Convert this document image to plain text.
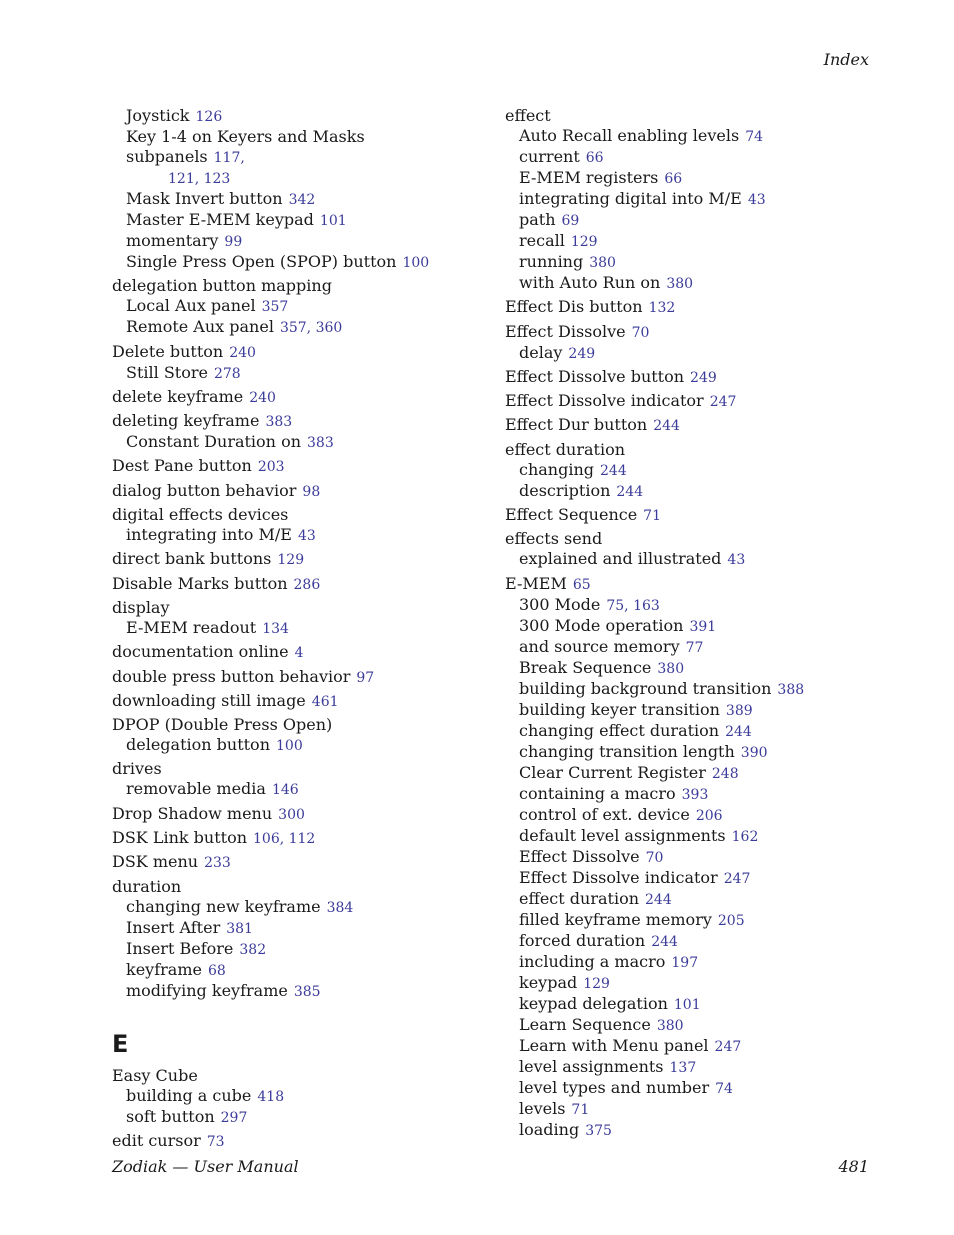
Index
Joystick 126
Key 1-4 on Keyers and Masks subpanels 117,
121, 123
Mask Invert button 342
Master E-MEM keypad 101
momentary 99
Single Press Open (SPOP) button 100
delegation button mapping
Local Aux panel 357
Remote Aux panel 357, 360
Delete button 240
Still Store 278
delete keyframe 240
deleting keyframe 383
Constant Duration on 383
Dest Pane button 203
dialog button behavior 98
digital effects devices
integrating into M/E 43
direct bank buttons 129
Disable Marks button 286
display
E-MEM readout 134
documentation online 4
double press button behavior 97
downloading still image 461
DPOP (Double Press Open)
delegation button 100
drives
removable media 146
Drop Shadow menu 300
DSK Link button 106, 112
DSK menu 233
duration
changing new keyframe 384
Insert After 381
Insert Before 382
keyframe 68
modifying keyframe 385
E
Easy Cube
building a cube 418
soft button 297
edit cursor 73
effect
Auto Recall enabling levels 74
current 66
E-MEM registers 66
integrating digital into M/E 43
path 69
recall 129
running 380
with Auto Run on 380
Effect Dis button 132
Effect Dissolve 70
delay 249
Effect Dissolve button 249
Effect Dissolve indicator 247
Effect Dur button 244
effect duration
changing 244
description 244
Effect Sequence 71
effects send
explained and illustrated 43
E-MEM 65
300 Mode 75, 163
300 Mode operation 391
and source memory 77
Break Sequence 380
building background transition 388
building keyer transition 389
changing effect duration 244
changing transition length 390
Clear Current Register 248
containing a macro 393
control of ext. device 206
default level assignments 162
Effect Dissolve 70
Effect Dissolve indicator 247
effect duration 244
filled keyframe memory 205
forced duration 244
including a macro 197
keypad 129
keypad delegation 101
Learn Sequence 380
Learn with Menu panel 247
level assignments 137
level types and number 74
levels 71
loading 375
Zodiak — User Manual	481
